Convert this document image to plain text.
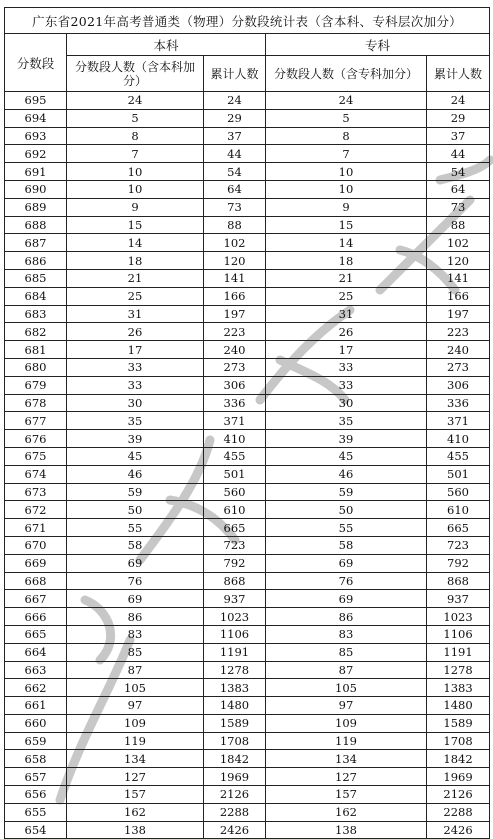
广东省2021年高考普通类（物理）分数段统计表（含本科、专科层次加分）				
分数段	本科		专科	
	分数段人数（含本科加分）	累计人数	分数段人数（含专科加分）	累计人数
695	24	24	24	24
694	5	29	5	29
693	8	37	8	37
692	7	44	7	44
691	10	54	10	54
690	10	64	10	64
689	9	73	9	73
688	15	88	15	88
687	14	102	14	102
686	18	120	18	120
685	21	141	21	141
684	25	166	25	166
683	31	197	31	197
682	26	223	26	223
681	17	240	17	240
680	33	273	33	273
679	33	306	33	306
678	30	336	30	336
677	35	371	35	371
676	39	410	39	410
675	45	455	45	455
674	46	501	46	501
673	59	560	59	560
672	50	610	50	610
671	55	665	55	665
670	58	723	58	723
669	69	792	69	792
668	76	868	76	868
667	69	937	69	937
666	86	1023	86	1023
665	83	1106	83	1106
664	85	1191	85	1191
663	87	1278	87	1278
662	105	1383	105	1383
661	97	1480	97	1480
660	109	1589	109	1589
659	119	1708	119	1708
658	134	1842	134	1842
657	127	1969	127	1969
656	157	2126	157	2126
655	162	2288	162	2288
654	138	2426	138	2426
